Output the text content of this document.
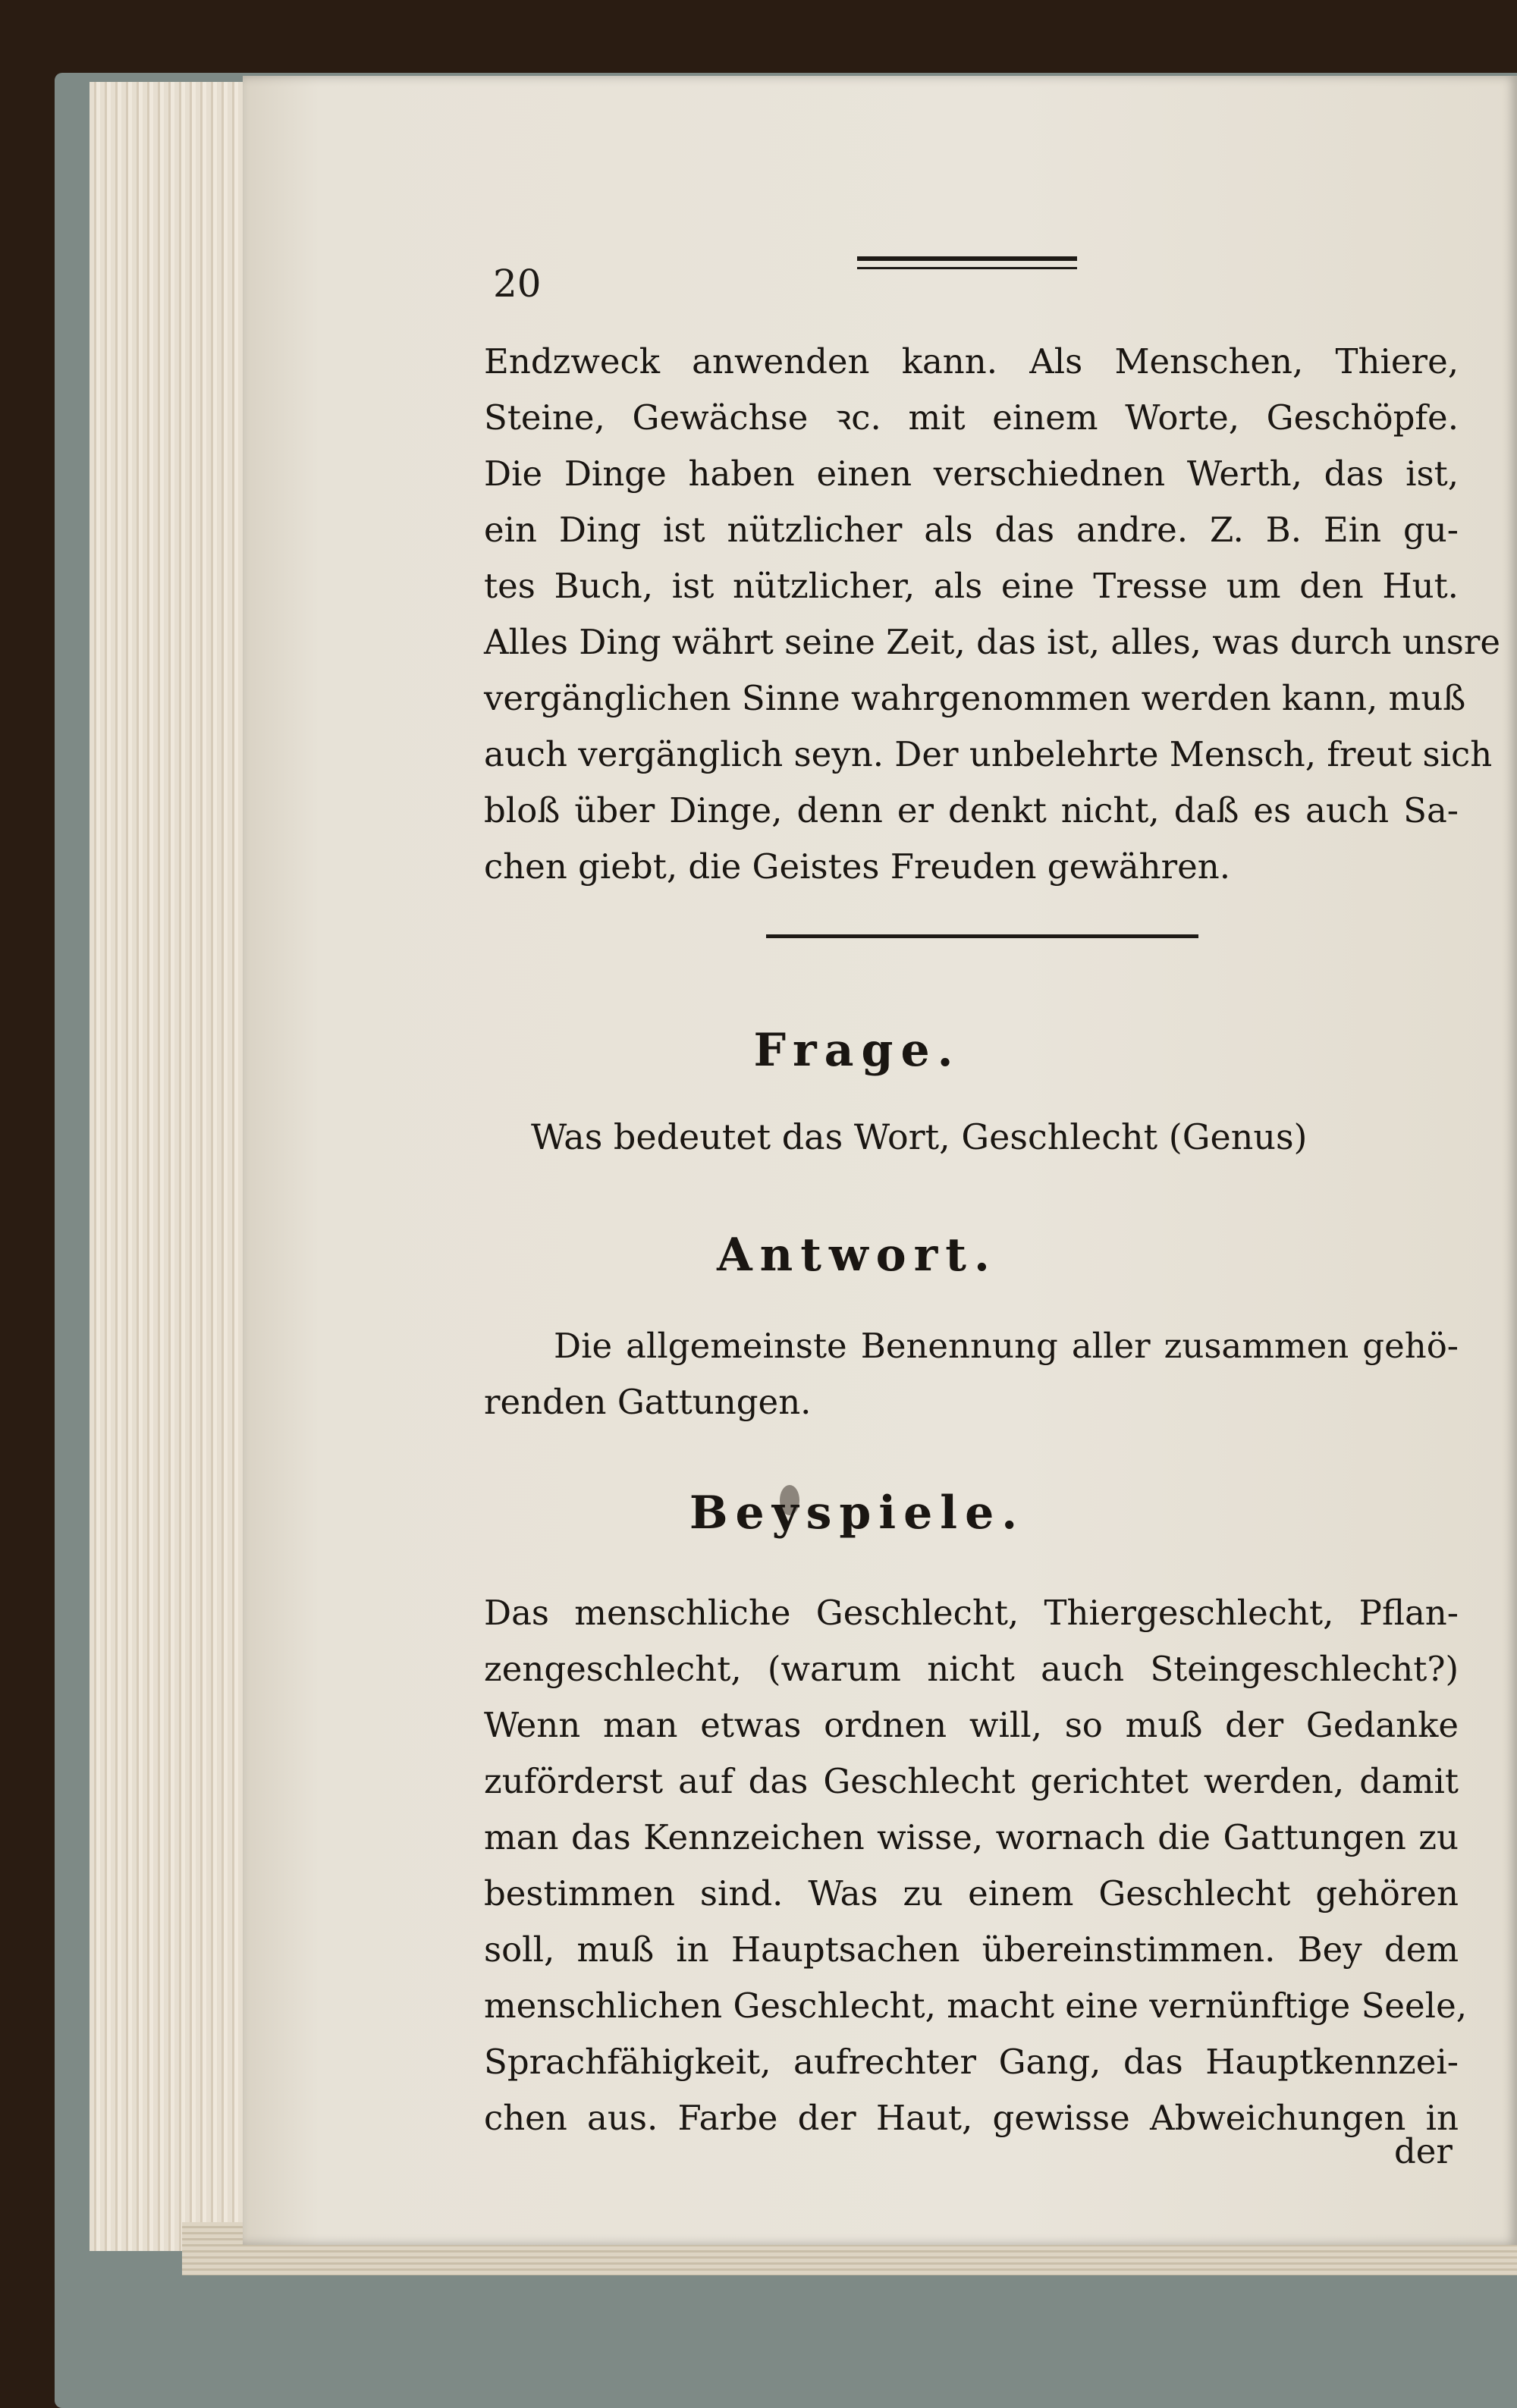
20
Endzweck anwenden kann. Als Menschen, Thiere,
Steine, Gewächse ꝛc. mit einem Worte, Geschöpfe.
Die Dinge haben einen verschiednen Werth, das ist,
ein Ding ist nützlicher als das andre. Z. B. Ein gu-
tes Buch, ist nützlicher, als eine Tresse um den Hut.
Alles Ding währt seine Zeit, das ist, alles, was durch unsre
vergänglichen Sinne wahrgenommen werden kann, muß
auch vergänglich seyn. Der unbelehrte Mensch, freut sich
bloß über Dinge, denn er denkt nicht, daß es auch Sa-
chen giebt, die Geistes Freuden gewähren.
Frage.
Was bedeutet das Wort, Geschlecht (Genus)
Antwort.
Die allgemeinste Benennung aller zusammen gehö-
renden Gattungen.
Beyspiele.
Das menschliche Geschlecht, Thiergeschlecht, Pflan-
zengeschlecht, (warum nicht auch Steingeschlecht?)
Wenn man etwas ordnen will, so muß der Gedanke
zuförderst auf das Geschlecht gerichtet werden, damit
man das Kennzeichen wisse, wornach die Gattungen zu
bestimmen sind. Was zu einem Geschlecht gehören
soll, muß in Hauptsachen übereinstimmen. Bey dem
menschlichen Geschlecht, macht eine vernünftige Seele,
Sprachfähigkeit, aufrechter Gang, das Hauptkennzei-
chen aus. Farbe der Haut, gewisse Abweichungen in
der
